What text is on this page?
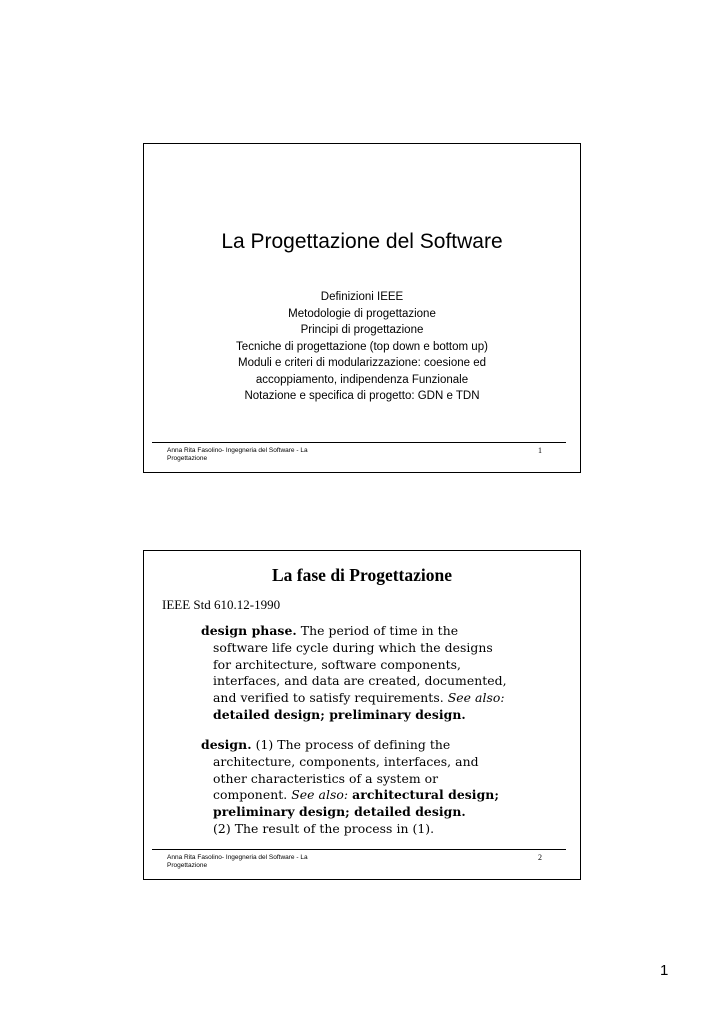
La Progettazione del Software
Definizioni IEEE
Metodologie di progettazione
Principi di progettazione
Tecniche di progettazione (top down e bottom up)
Moduli e criteri di modularizzazione: coesione ed accoppiamento, indipendenza Funzionale
Notazione e specifica di progetto: GDN e TDN
Anna Rita Fasolino- Ingegneria del Software - La Progettazione
1
La fase di Progettazione
IEEE Std 610.12-1990
design phase. The period of time in the software life cycle during which the designs for architecture, software components, interfaces, and data are created, documented, and verified to satisfy requirements. See also: detailed design; preliminary design.
design. (1) The process of defining the architecture, components, interfaces, and other characteristics of a system or component. See also: architectural design; preliminary design; detailed design.
(2) The result of the process in (1).
Anna Rita Fasolino- Ingegneria del Software - La Progettazione
2
1
